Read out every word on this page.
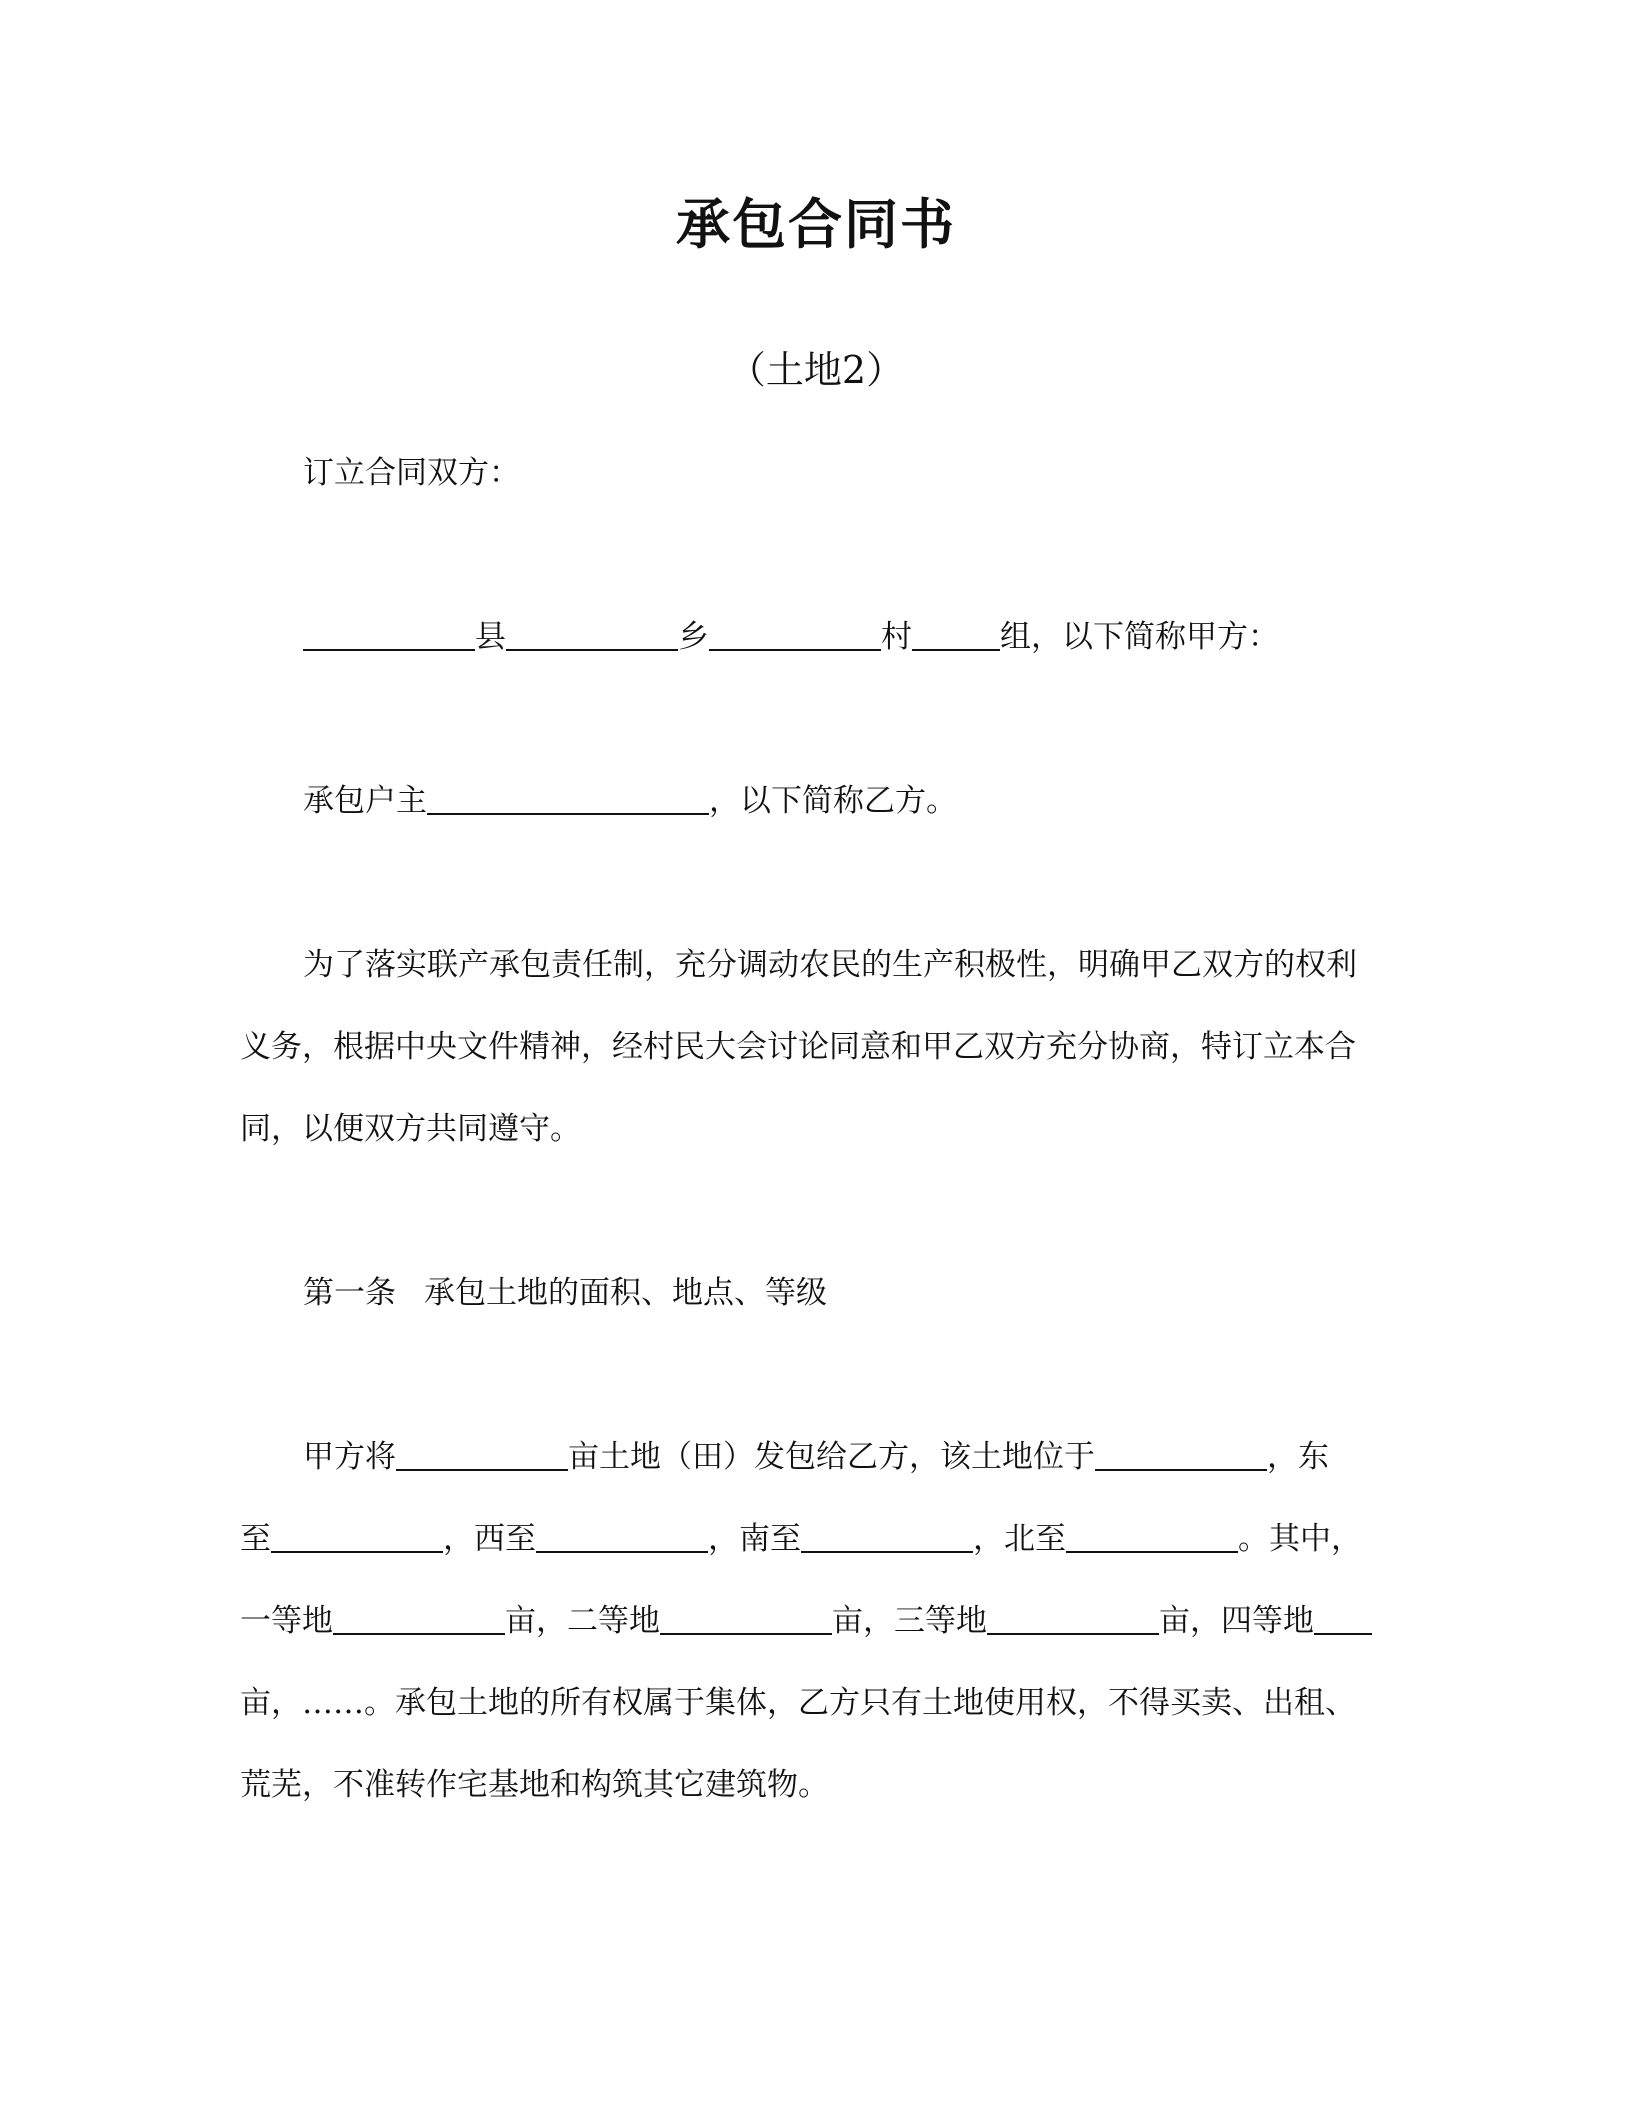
承包合同书
（土地2）
订立合同双方：
县	乡	村	组，以下简称甲方：
承包户主	，以下简称乙方。
为了落实联产承包责任制，充分调动农民的生产积极性，明确甲乙双方的权利
义务，根据中央文件精神，经村民大会讨论同意和甲乙双方充分协商，特订立本合
同，以便双方共同遵守。
第一条 承包土地的面积、地点、等级
甲方将	亩土地（田）发包给乙方，该土地位于	，东
至	，西至	，南至	，北至	。其中，
一等地	亩，二等地	亩，三等地	亩，四等地
亩，……。承包土地的所有权属于集体，乙方只有土地使用权，不得买卖、出租、
荒芜，不准转作宅基地和构筑其它建筑物。
